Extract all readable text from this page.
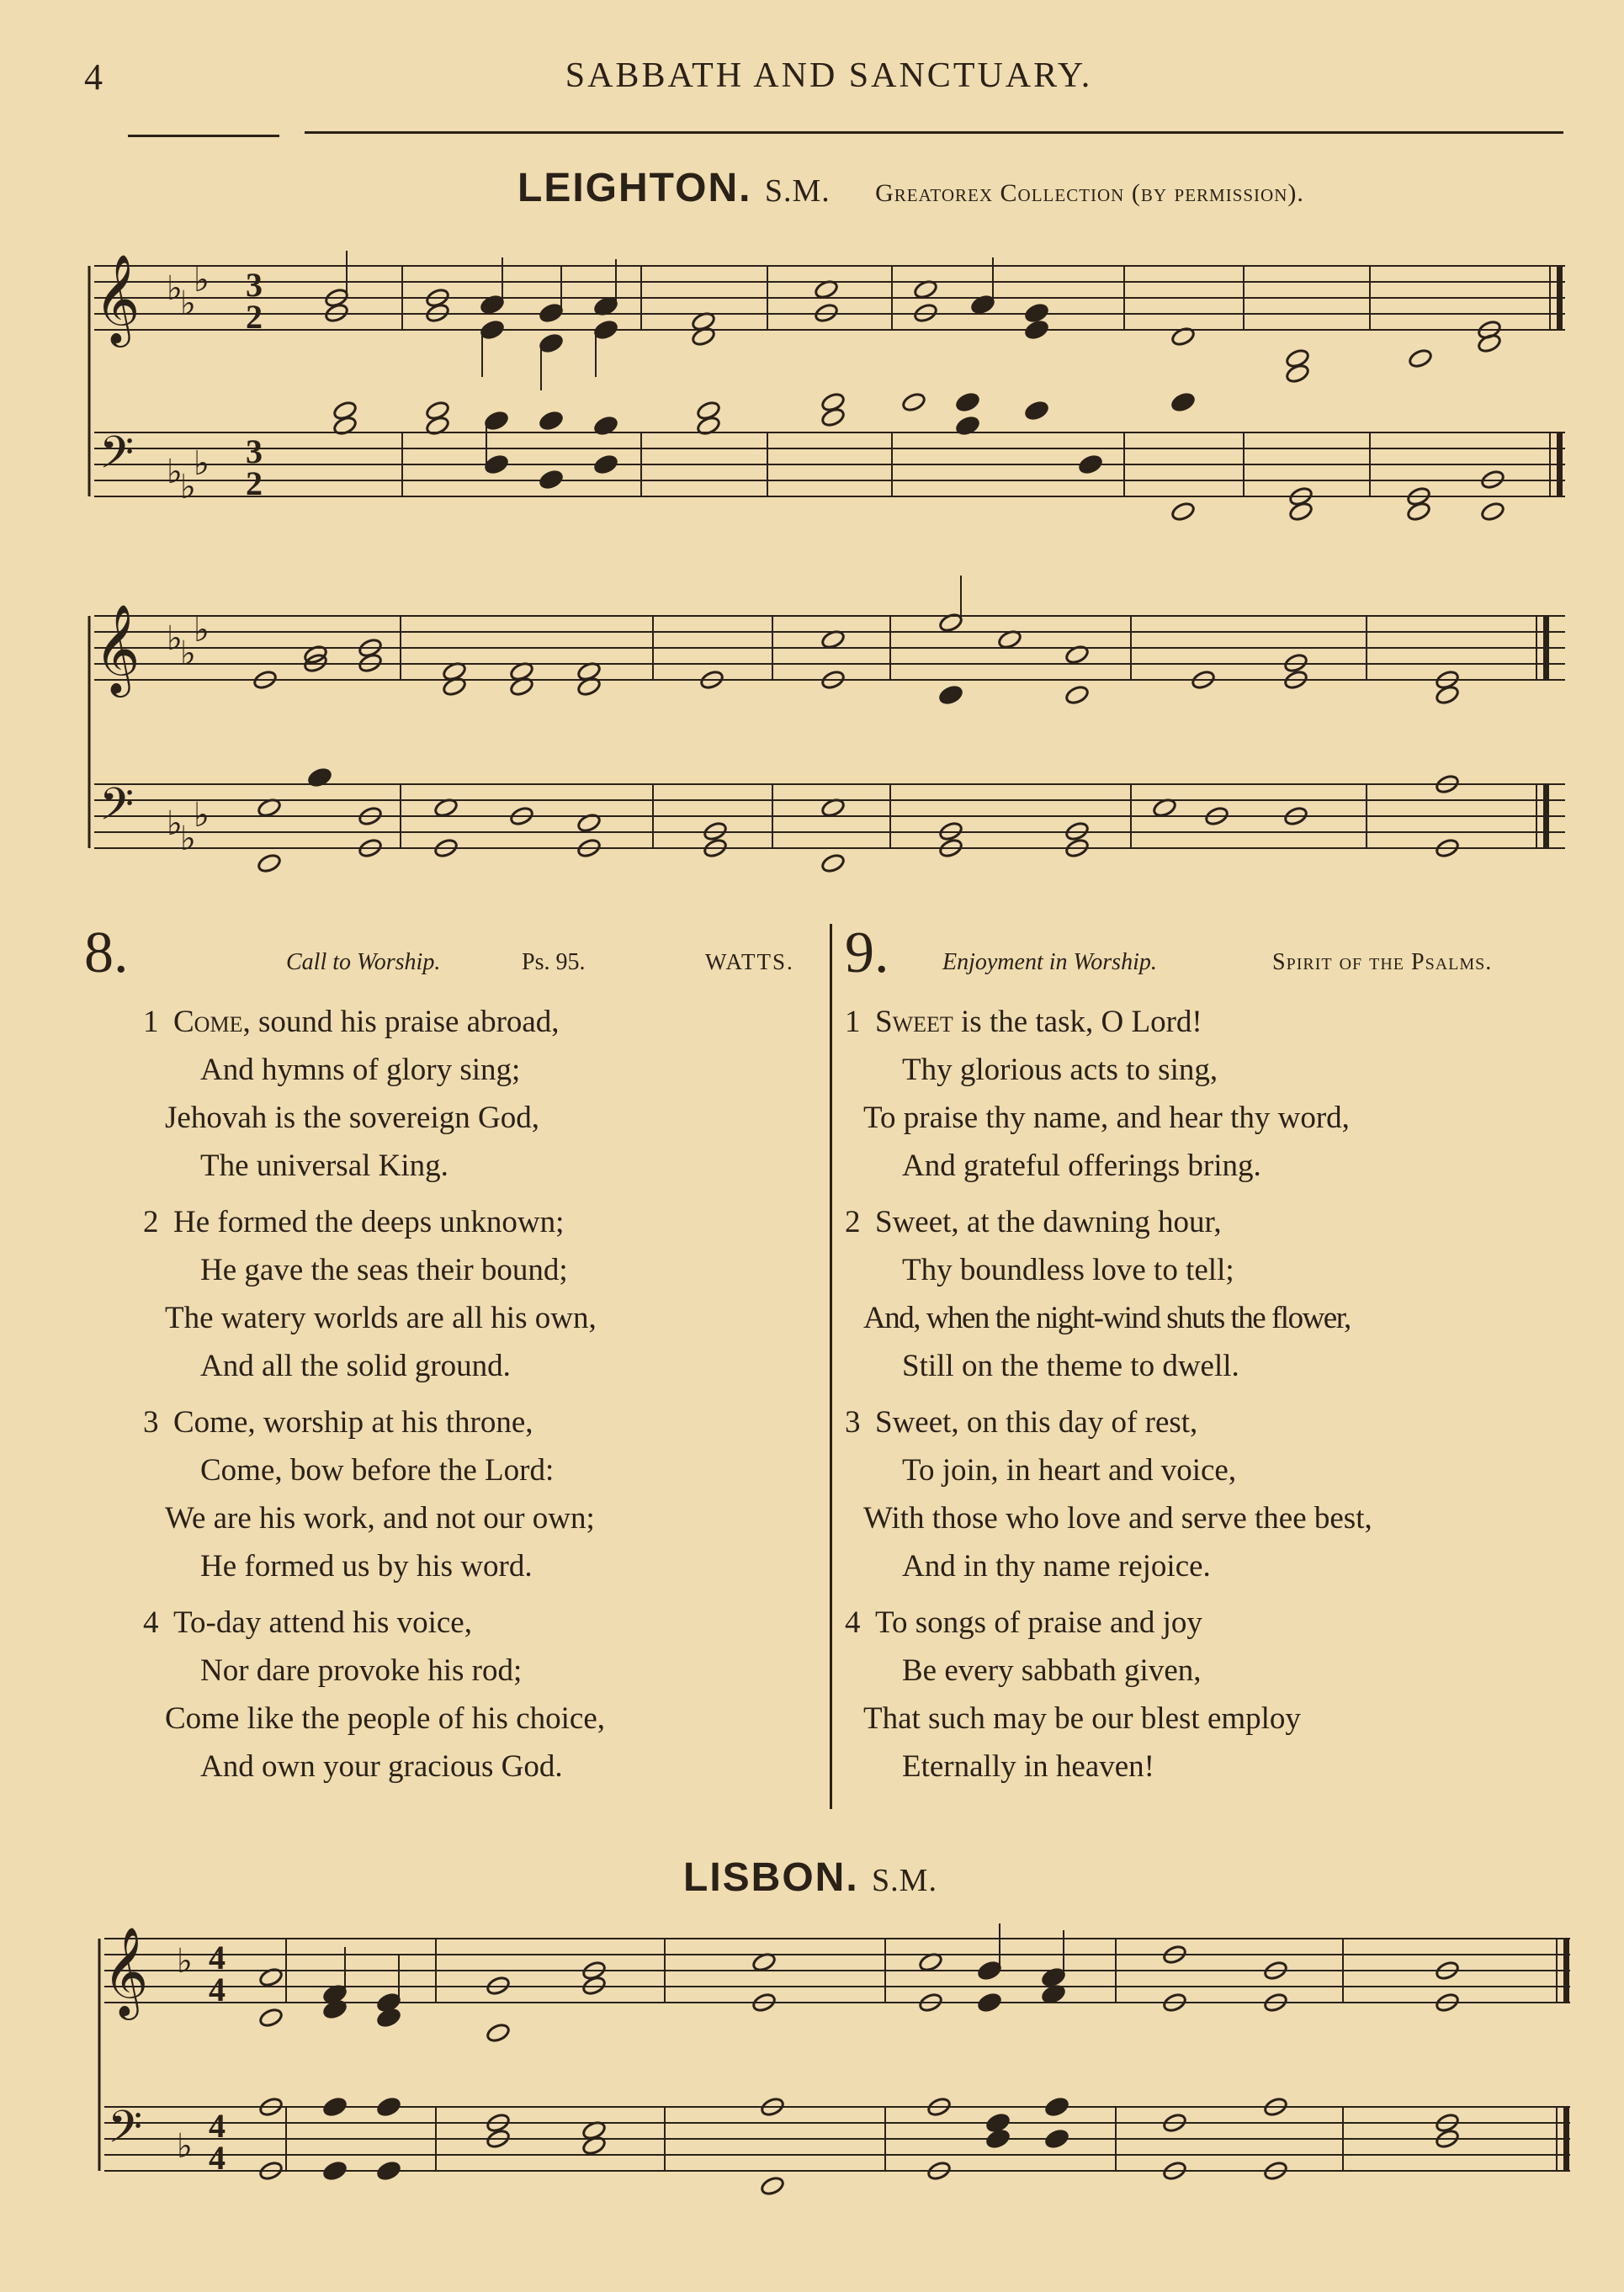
4	SABBATH AND SANCTUARY.
LEIGHTON. S.M. Greatorex Collection (by permission).
LISBON. S.M.
𝄞
𝄢
♭
♭
♭
♭
♭
♭
3
2
3
2
𝄞
𝄢
♭
♭
♭
♭
♭
♭
𝄞
𝄢
♭
♭
4
4
4
4
8.	Call to Worship.	Ps. 95.	WATTS.
1 Come, sound his praise abroad,
And hymns of glory sing;
Jehovah is the sovereign God,
The universal King.
2 He formed the deeps unknown;
He gave the seas their bound;
The watery worlds are all his own,
And all the solid ground.
3 Come, worship at his throne,
Come, bow before the Lord:
We are his work, and not our own;
He formed us by his word.
4 To-day attend his voice,
Nor dare provoke his rod;
Come like the people of his choice,
And own your gracious God.
9. Enjoyment in Worship.	Spirit of the Psalms.
1 Sweet is the task, O Lord!
Thy glorious acts to sing,
To praise thy name, and hear thy word,
And grateful offerings bring.
2 Sweet, at the dawning hour,
Thy boundless love to tell;
And, when the night-wind shuts the flower,
Still on the theme to dwell.
3 Sweet, on this day of rest,
To join, in heart and voice,
With those who love and serve thee best,
And in thy name rejoice.
4 To songs of praise and joy
Be every sabbath given,
That such may be our blest employ
Eternally in heaven!
